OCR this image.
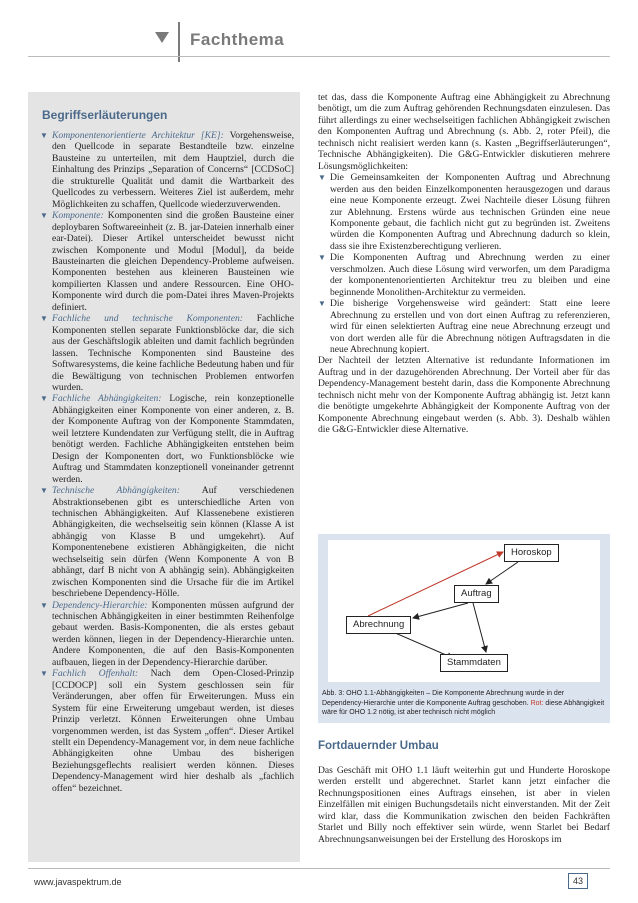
Fachthema
Begriffserläuterungen
▼ Komponentenorientierte Architektur [KE]: Vorgehensweise, den Quellcode in separate Bestandteile bzw. einzelne Bausteine zu unterteilen, mit dem Hauptziel, durch die Einhaltung des Prinzips „Separation of Concerns“ [CCDSoC] die strukturelle Qualität und damit die Wartbarkeit des Quellcodes zu verbessern. Weiteres Ziel ist außerdem, mehr Möglichkeiten zu schaffen, Quellcode wiederzuverwenden.
▼ Komponente: Komponenten sind die großen Bausteine einer deploybaren Softwareeinheit (z. B. jar-Dateien innerhalb einer ear-Datei). Dieser Artikel unterscheidet bewusst nicht zwischen Komponente und Modul [Modul], da beide Bausteinarten die gleichen Dependency-Probleme aufweisen. Komponenten bestehen aus kleineren Bausteinen wie kompilierten Klassen und andere Ressourcen. Eine OHO-Komponente wird durch die pom-Datei ihres Maven-Projekts definiert.
▼ Fachliche und technische Komponenten: Fachliche Komponenten stellen separate Funktionsblöcke dar, die sich aus der Geschäftslogik ableiten und damit fachlich begründen lassen. Technische Komponenten sind Bausteine des Softwaresystems, die keine fachliche Bedeutung haben und für die Bewältigung von technischen Problemen entworfen wurden.
▼ Fachliche Abhängigkeiten: Logische, rein konzeptionelle Abhängigkeiten einer Komponente von einer anderen, z. B. der Komponente Auftrag von der Komponente Stammdaten, weil letztere Kundendaten zur Verfügung stellt, die in Auftrag benötigt werden. Fachliche Abhängigkeiten entstehen beim Design der Komponenten dort, wo Funktionsblöcke wie Auftrag und Stammdaten konzeptionell voneinander getrennt werden.
▼ Technische Abhängigkeiten: Auf verschiedenen Abstraktionsebenen gibt es unterschiedliche Arten von technischen Abhängigkeiten. Auf Klassenebene existieren Abhängigkeiten, die wechselseitig sein können (Klasse A ist abhängig von Klasse B und umgekehrt). Auf Komponentenebene existieren Abhängigkeiten, die nicht wechselseitig sein dürfen (Wenn Komponente A von B abhängt, darf B nicht von A abhängig sein). Abhängigkeiten zwischen Komponenten sind die Ursache für die im Artikel beschriebene Dependency-Hölle.
▼ Dependency-Hierarchie: Komponenten müssen aufgrund der technischen Abhängigkeiten in einer bestimmten Reihenfolge gebaut werden. Basis-Komponenten, die als erstes gebaut werden können, liegen in der Dependency-Hierarchie unten. Andere Komponenten, die auf den Basis-Komponenten aufbauen, liegen in der Dependency-Hierarchie darüber.
▼ Fachlich Offenhalt: Nach dem Open-Closed-Prinzip [CCDOCP] soll ein System geschlossen sein für Veränderungen, aber offen für Erweiterungen. Muss ein System für eine Erweiterung umgebaut werden, ist dieses Prinzip verletzt. Können Erweiterungen ohne Umbau vorgenommen werden, ist das System „offen“. Dieser Artikel stellt ein Dependency-Management vor, in dem neue fachliche Abhängigkeiten ohne Umbau des bisherigen Beziehungsgeflechts realisiert werden können. Dieses Dependency-Management wird hier deshalb als „fachlich offen“ bezeichnet.
tet das, dass die Komponente Auftrag eine Abhängigkeit zu Abrechnung benötigt, um die zum Auftrag gehörenden Rechnungsdaten einzulesen. Das führt allerdings zu einer wechselseitigen fachlichen Abhängigkeit zwischen den Komponenten Auftrag und Abrechnung (s. Abb. 2, roter Pfeil), die technisch nicht realisiert werden kann (s. Kasten „Begriffserläuterungen“, Technische Abhängigkeiten). Die G&G-Entwickler diskutieren mehrere Lösungsmöglichkeiten:
▼ Die Gemeinsamkeiten der Komponenten Auftrag und Abrechnung werden aus den beiden Einzelkomponenten herausgezogen und daraus eine neue Komponente erzeugt. Zwei Nachteile dieser Lösung führen zur Ablehnung. Erstens würde aus technischen Gründen eine neue Komponente gebaut, die fachlich nicht gut zu begründen ist. Zweitens würden die Komponenten Auftrag und Abrechnung dadurch so klein, dass sie ihre Existenzberechtigung verlieren.
▼ Die Komponenten Auftrag und Abrechnung werden zu einer verschmolzen. Auch diese Lösung wird verworfen, um dem Paradigma der komponentenorientierten Architektur treu zu bleiben und eine beginnende Monolithen-Architektur zu vermeiden.
▼ Die bisherige Vorgehensweise wird geändert: Statt eine leere Abrechnung zu erstellen und von dort einen Auftrag zu referenzieren, wird für einen selektierten Auftrag eine neue Abrechnung erzeugt und von dort werden alle für die Abrechnung nötigen Auftragsdaten in die neue Abrechnung kopiert.
Der Nachteil der letzten Alternative ist redundante Informationen im Auftrag und in der dazugehörenden Abrechnung. Der Vorteil aber für das Dependency-Management besteht darin, dass die Komponente Abrechnung technisch nicht mehr von der Komponente Auftrag abhängig ist. Jetzt kann die benötigte umgekehrte Abhängigkeit der Komponente Auftrag von der Komponente Abrechnung eingebaut werden (s. Abb. 3). Deshalb wählen die G&G-Entwickler diese Alternative.
Horoskop
Auftrag
Abrechnung
Stammdaten
Abb. 3: OHO 1.1-Abhängigkeiten – Die Komponente Abrechnung wurde in der Dependency-Hierarchie unter die Komponente Auftrag geschoben. Rot: diese Abhängigkeit wäre für OHO 1.2 nötig, ist aber technisch nicht möglich
Fortdauernder Umbau
Das Geschäft mit OHO 1.1 läuft weiterhin gut und Hunderte Horoskope werden erstellt und abgerechnet. Starlet kann jetzt einfacher die Rechnungspositionen eines Auftrags einsehen, ist aber in vielen Einzelfällen mit einigen Buchungsdetails nicht einverstanden. Mit der Zeit wird klar, dass die Kommunikation zwischen den beiden Fachkräften Starlet und Billy noch effektiver sein würde, wenn Starlet bei Bedarf Abrechnungsanweisungen bei der Erstellung des Horoskops im
www.javaspektrum.de	43
